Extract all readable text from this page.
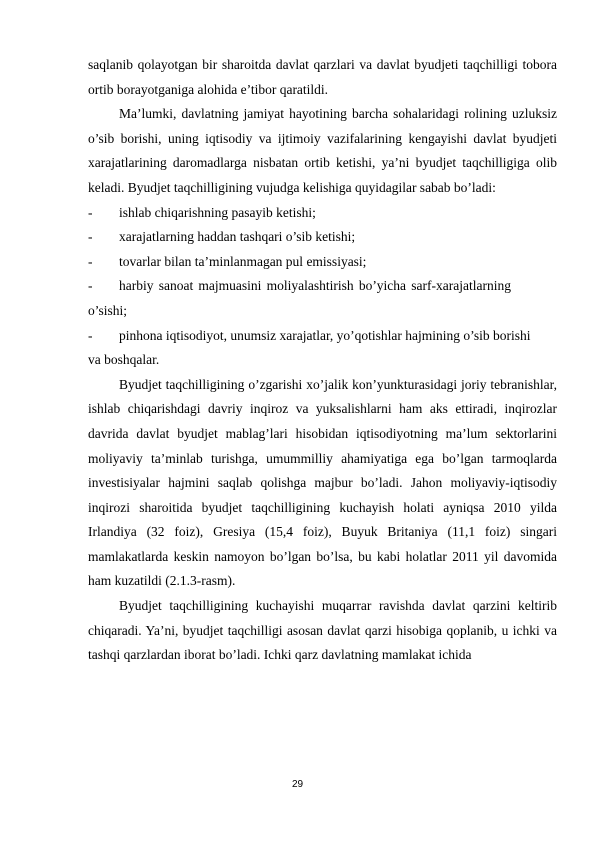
saqlanib qolayotgan bir sharoitda davlat qarzlari va davlat byudjeti taqchilligi tobora ortib borayotganiga alohida e’tibor qaratildi.

Ma’lumki, davlatning jamiyat hayotining barcha sohalaridagi rolining uzluksiz o’sib borishi, uning iqtisodiy va ijtimoiy vazifalarining kengayishi davlat byudjeti xarajatlarining daromadlarga nisbatan ortib ketishi, ya’ni byudjet taqchilligiga olib keladi. Byudjet taqchilligining vujudga kelishiga quyidagilar sabab bo’ladi:

- ishlab chiqarishning pasayib ketishi;

- xarajatlarning haddan tashqari o’sib ketishi;

- tovarlar bilan ta’minlanmagan pul emissiyasi;

- harbiy sanoat majmuasini moliyalashtirish bo’yicha sarf-xarajatlarning

o’sishi;

- pinhona iqtisodiyot, unumsiz xarajatlar, yo’qotishlar hajmining o’sib borishi

va boshqalar.

Byudjet taqchilligining o’zgarishi xo’jalik kon’yunkturasidagi joriy tebranishlar, ishlab chiqarishdagi davriy inqiroz va yuksalishlarni ham aks ettiradi, inqirozlar davrida davlat byudjet mablag’lari hisobidan iqtisodiyotning ma’lum sektorlarini moliyaviy ta’minlab turishga, umummilliy ahamiyatiga ega bo’lgan tarmoqlarda investisiyalar hajmini saqlab qolishga majbur bo’ladi. Jahon moliyaviy-iqtisodiy inqirozi sharoitida byudjet taqchilligining kuchayish holati ayniqsa 2010 yilda Irlandiya (32 foiz), Gresiya (15,4 foiz), Buyuk Britaniya (11,1 foiz) singari mamlakatlarda keskin namoyon bo’lgan bo’lsa, bu kabi holatlar 2011 yil davomida ham kuzatildi (2.1.3-rasm).

Byudjet taqchilligining kuchayishi muqarrar ravishda davlat qarzini keltirib chiqaradi. Ya’ni, byudjet taqchilligi asosan davlat qarzi hisobiga qoplanib, u ichki va tashqi qarzlardan iborat bo’ladi. Ichki qarz davlatning mamlakat ichida

29
